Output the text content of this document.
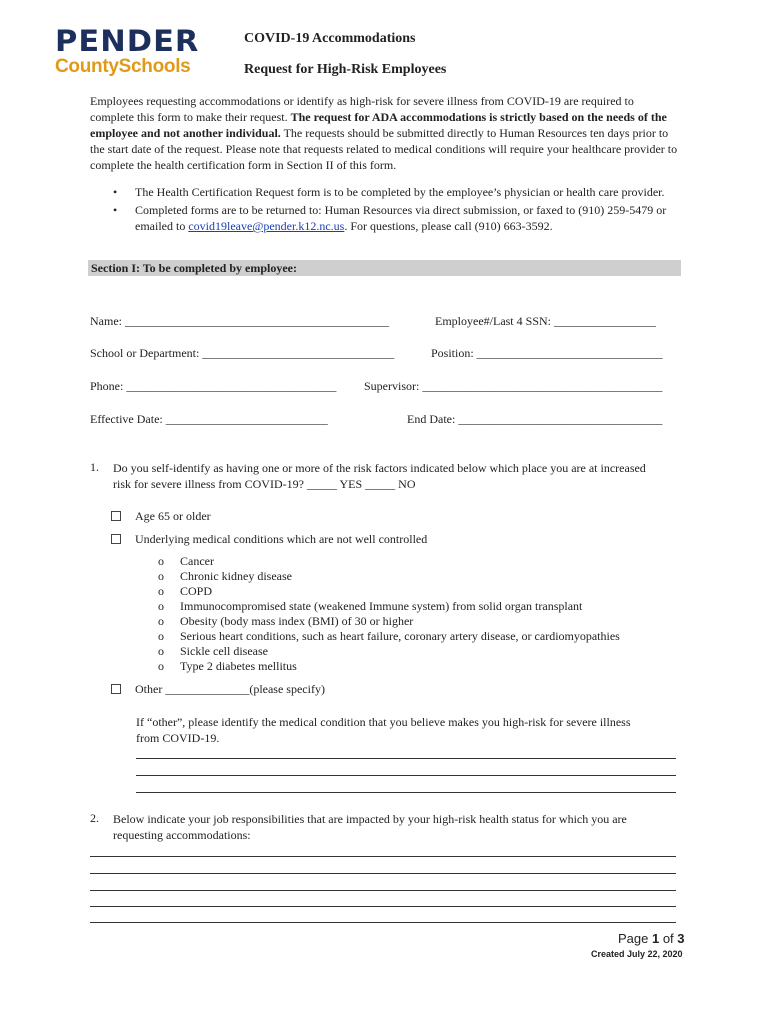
PENDER
CountySchools
COVID-19 Accommodations
Request for High-Risk Employees
Employees requesting accommodations or identify as high-risk for severe illness from COVID-19 are required to complete this form to make their request. The request for ADA accommodations is strictly based on the needs of the employee and not another individual. The requests should be submitted directly to Human Resources ten days prior to the start date of the request. Please note that requests related to medical conditions will require your healthcare provider to complete the health certification form in Section II of this form.
• The Health Certification Request form is to be completed by the employee’s physician or health care provider.
• Completed forms are to be returned to: Human Resources via direct submission, or faxed to (910) 259-5479 or emailed to covid19leave@pender.k12.nc.us. For questions, please call (910) 663-3592.
Section I: To be completed by employee:
Name: ____________________________________________	Employee#/Last 4 SSN: _________________
School or Department: ________________________________	Position: _______________________________
Phone: ___________________________________ Supervisor: ________________________________________
Effective Date: ___________________________	End Date: __________________________________
1. Do you self-identify as having one or more of the risk factors indicated below which place you are at increased
risk for severe illness from COVID-19? _____ YES _____ NO
Age 65 or older
Underlying medical conditions which are not well controlled
o Cancer
o Chronic kidney disease
o COPD
o Immunocompromised state (weakened Immune system) from solid organ transplant
o Obesity (body mass index (BMI) of 30 or higher
o Serious heart conditions, such as heart failure, coronary artery disease, or cardiomyopathies
o Sickle cell disease
o Type 2 diabetes mellitus
Other ______________(please specify)
If “other”, please identify the medical condition that you believe makes you high-risk for severe illness
from COVID-19.
2. Below indicate your job responsibilities that are impacted by your high-risk health status for which you are
requesting accommodations:
Page 1 of 3
Created July 22, 2020
